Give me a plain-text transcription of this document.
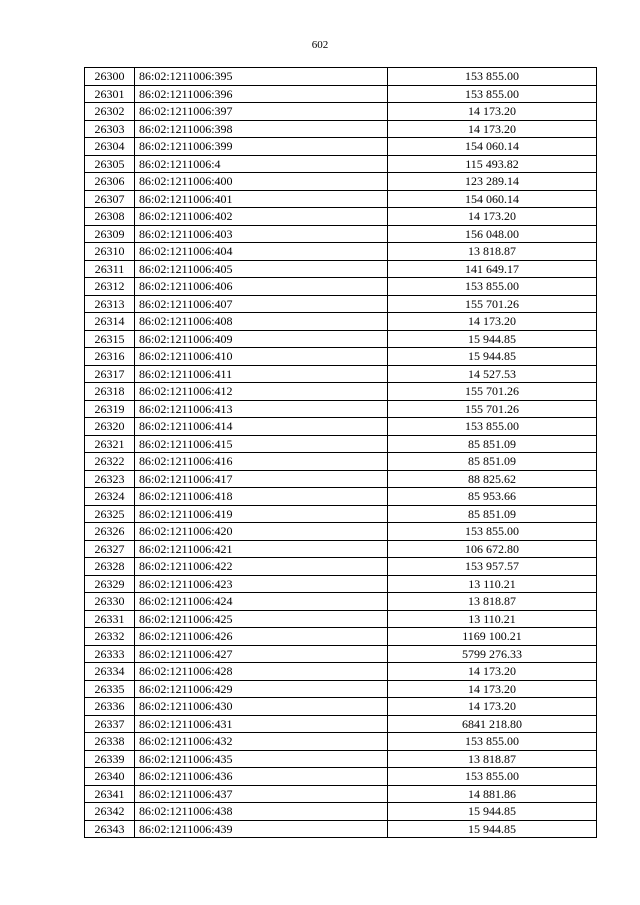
602
26300	86:02:1211006:395	153 855.00
26301	86:02:1211006:396	153 855.00
26302	86:02:1211006:397	14 173.20
26303	86:02:1211006:398	14 173.20
26304	86:02:1211006:399	154 060.14
26305	86:02:1211006:4	115 493.82
26306	86:02:1211006:400	123 289.14
26307	86:02:1211006:401	154 060.14
26308	86:02:1211006:402	14 173.20
26309	86:02:1211006:403	156 048.00
26310	86:02:1211006:404	13 818.87
26311	86:02:1211006:405	141 649.17
26312	86:02:1211006:406	153 855.00
26313	86:02:1211006:407	155 701.26
26314	86:02:1211006:408	14 173.20
26315	86:02:1211006:409	15 944.85
26316	86:02:1211006:410	15 944.85
26317	86:02:1211006:411	14 527.53
26318	86:02:1211006:412	155 701.26
26319	86:02:1211006:413	155 701.26
26320	86:02:1211006:414	153 855.00
26321	86:02:1211006:415	85 851.09
26322	86:02:1211006:416	85 851.09
26323	86:02:1211006:417	88 825.62
26324	86:02:1211006:418	85 953.66
26325	86:02:1211006:419	85 851.09
26326	86:02:1211006:420	153 855.00
26327	86:02:1211006:421	106 672.80
26328	86:02:1211006:422	153 957.57
26329	86:02:1211006:423	13 110.21
26330	86:02:1211006:424	13 818.87
26331	86:02:1211006:425	13 110.21
26332	86:02:1211006:426	1169 100.21
26333	86:02:1211006:427	5799 276.33
26334	86:02:1211006:428	14 173.20
26335	86:02:1211006:429	14 173.20
26336	86:02:1211006:430	14 173.20
26337	86:02:1211006:431	6841 218.80
26338	86:02:1211006:432	153 855.00
26339	86:02:1211006:435	13 818.87
26340	86:02:1211006:436	153 855.00
26341	86:02:1211006:437	14 881.86
26342	86:02:1211006:438	15 944.85
26343	86:02:1211006:439	15 944.85
